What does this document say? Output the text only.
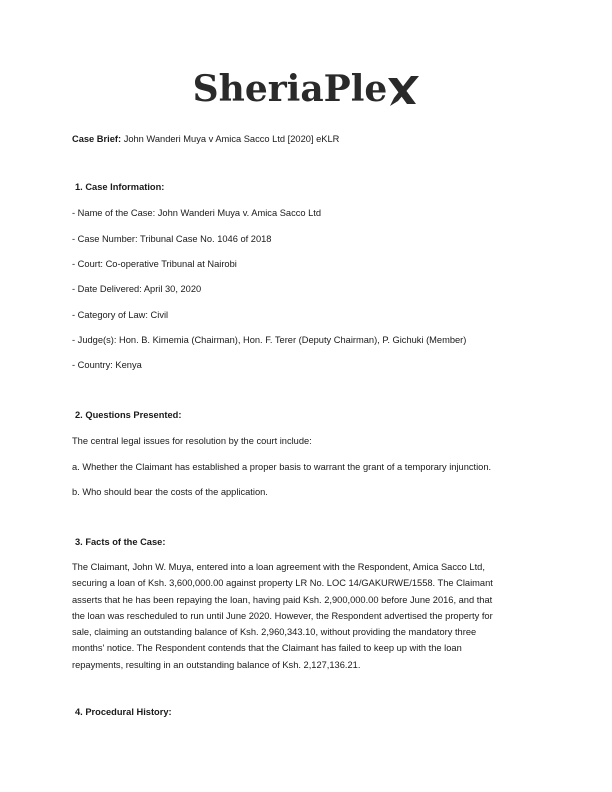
SheriaPle
Case Brief: John Wanderi Muya v Amica Sacco Ltd [2020] eKLR
1. Case Information:
- Name of the Case: John Wanderi Muya v. Amica Sacco Ltd
- Case Number: Tribunal Case No. 1046 of 2018
- Court: Co-operative Tribunal at Nairobi
- Date Delivered: April 30, 2020
- Category of Law: Civil
- Judge(s): Hon. B. Kimemia (Chairman), Hon. F. Terer (Deputy Chairman), P. Gichuki (Member)
- Country: Kenya
2. Questions Presented:
The central legal issues for resolution by the court include:
a. Whether the Claimant has established a proper basis to warrant the grant of a temporary injunction.
b. Who should bear the costs of the application.
3. Facts of the Case:
The Claimant, John W. Muya, entered into a loan agreement with the Respondent, Amica Sacco Ltd,
securing a loan of Ksh. 3,600,000.00 against property LR No. LOC 14/GAKURWE/1558. The Claimant
asserts that he has been repaying the loan, having paid Ksh. 2,900,000.00 before June 2016, and that
the loan was rescheduled to run until June 2020. However, the Respondent advertised the property for
sale, claiming an outstanding balance of Ksh. 2,960,343.10, without providing the mandatory three
months' notice. The Respondent contends that the Claimant has failed to keep up with the loan
repayments, resulting in an outstanding balance of Ksh. 2,127,136.21.
4. Procedural History:
